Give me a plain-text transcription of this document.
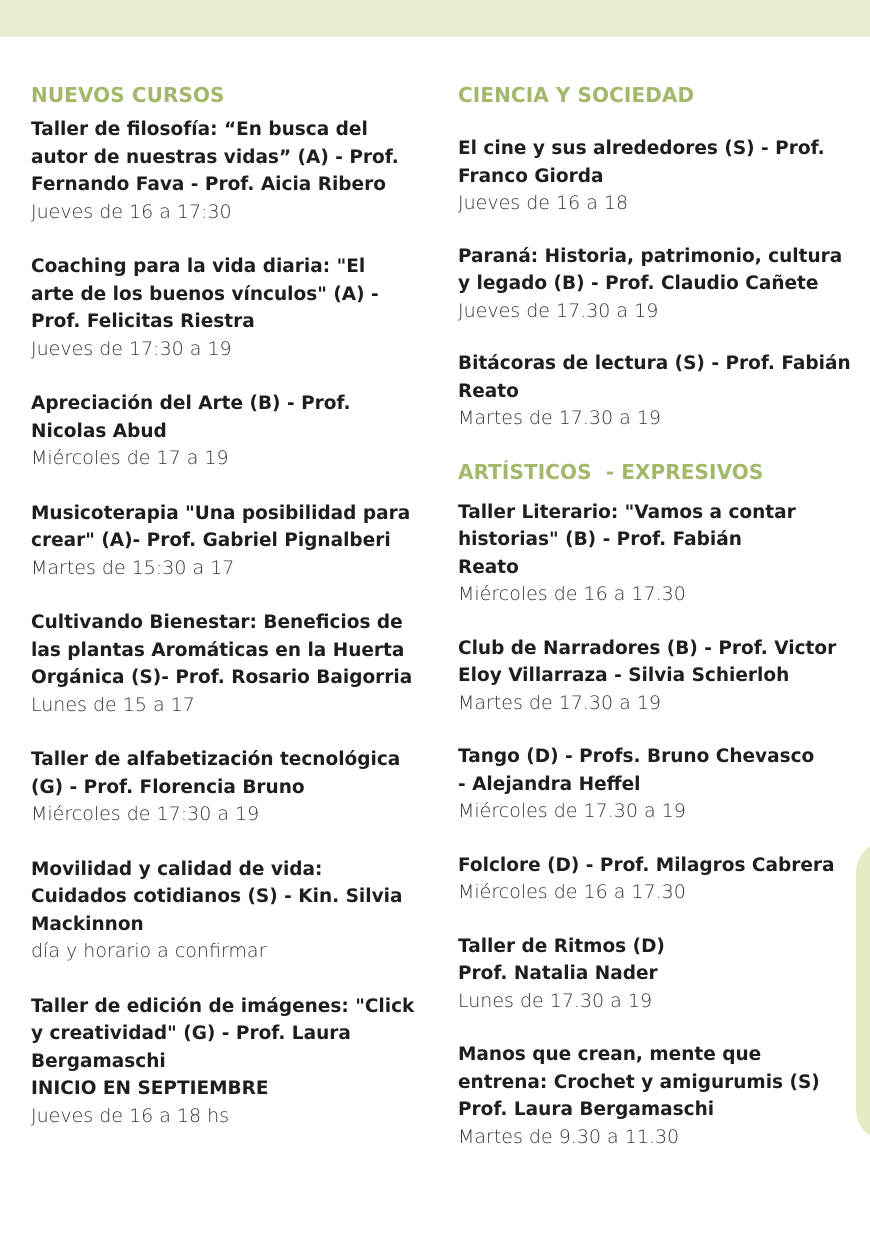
NUEVOS CURSOS
Taller de filosofía: “En busca del autor de nuestras vidas” (A) - Prof. Fernando Fava - Prof. Aicia Ribero
Jueves de 16 a 17:30
Coaching para la vida diaria: "El arte de los buenos vínculos" (A) - Prof. Felicitas Riestra
Jueves de 17:30 a 19
Apreciación del Arte (B) - Prof. Nicolas Abud
Miércoles de 17 a 19
Musicoterapia "Una posibilidad para crear" (A)- Prof. Gabriel Pignalberi
Martes de 15:30 a 17
Cultivando Bienestar: Beneficios de las plantas Aromáticas en la Huerta Orgánica (S)- Prof. Rosario Baigorria
Lunes de 15 a 17
Taller de alfabetización tecnológica (G) - Prof. Florencia Bruno
Miércoles de 17:30 a 19
Movilidad y calidad de vida: Cuidados cotidianos (S) - Kin. Silvia Mackinnon
día y horario a confirmar
Taller de edición de imágenes: "Click y creatividad" (G) - Prof. Laura Bergamaschi
INICIO EN SEPTIEMBRE
Jueves de 16 a 18 hs
CIENCIA Y SOCIEDAD
El cine y sus alrededores (S) - Prof. Franco Giorda
Jueves de 16 a 18
Paraná: Historia, patrimonio, cultura y legado (B) - Prof. Claudio Cañete
Jueves de 17.30 a 19
Bitácoras de lectura (S) - Prof. Fabián Reato
Martes de 17.30 a 19
ARTÍSTICOS  - EXPRESIVOS
Taller Literario: "Vamos a contar historias" (B) - Prof. Fabián Reato
Miércoles de 16 a 17.30
Club de Narradores (B) - Prof. Victor Eloy Villarraza - Silvia Schierloh Martes de 17.30 a 19
Tango (D) - Profs. Bruno Chevasco - Alejandra Heffel
Miércoles de 17.30 a 19
Folclore (D) - Prof. Milagros Cabrera
Miércoles de 16 a 17.30
Taller de Ritmos (D)
Prof. Natalia Nader
Lunes de 17.30 a 19
Manos que crean, mente que entrena: Crochet y amigurumis (S)
Prof. Laura Bergamaschi
Martes de 9.30 a 11.30
